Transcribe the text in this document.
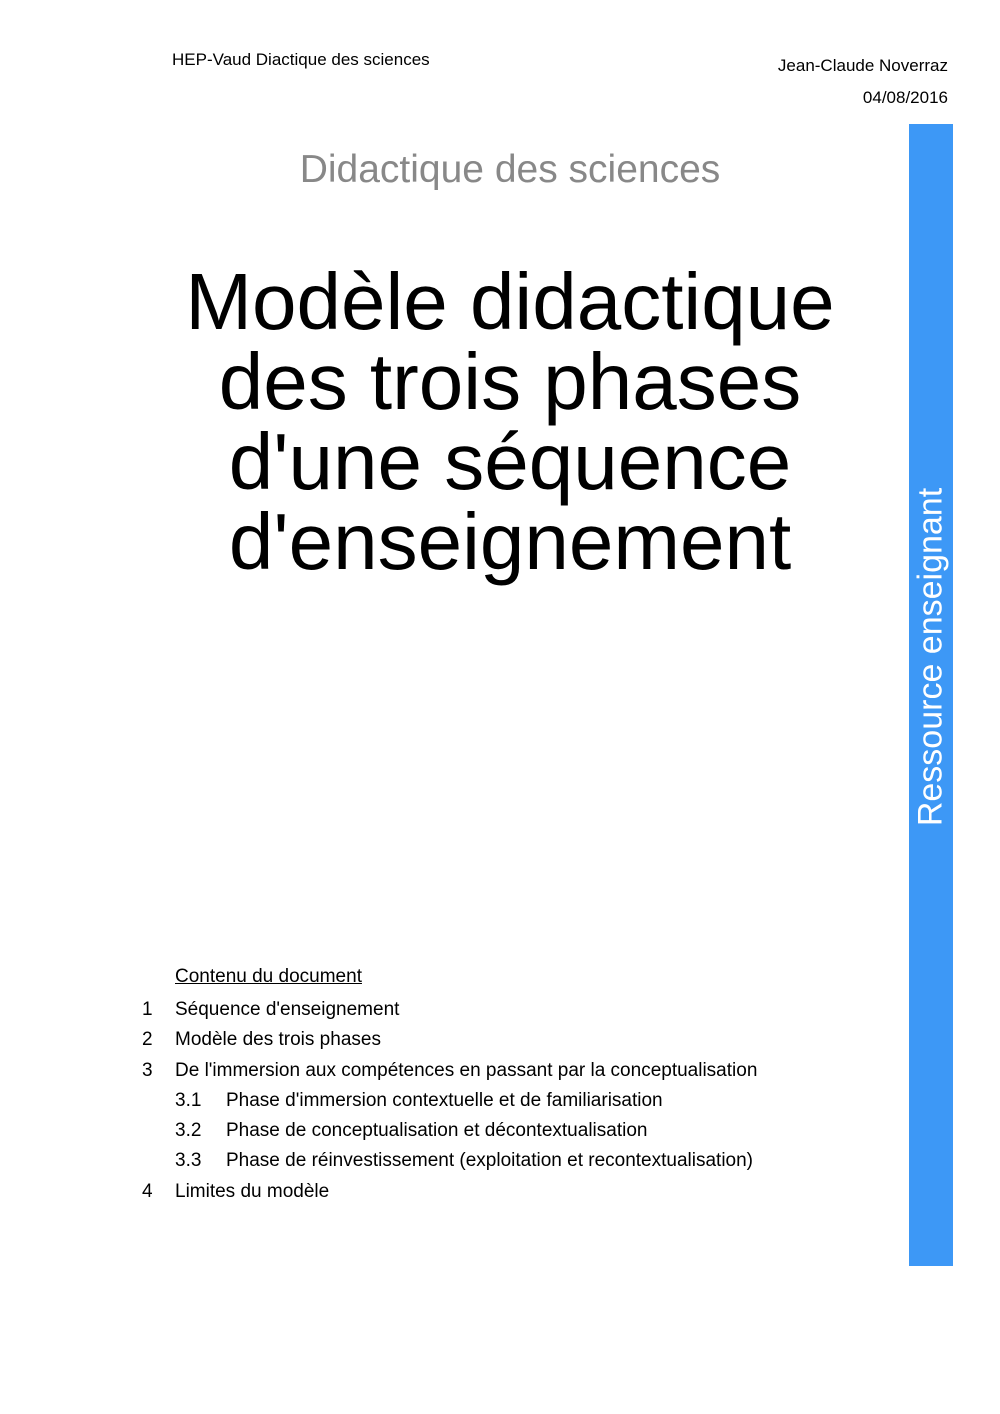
HEP-Vaud Diactique des sciences	Jean-Claude Noverraz
04/08/2016
Didactique des sciences
Modèle didactique
des trois phases
d'une séquence
d'enseignement	Ressource enseignant
Contenu du document
1	Séquence d'enseignement
2	Modèle des trois phases
3	De l'immersion aux compétences en passant par la conceptualisation
3.1	Phase d'immersion contextuelle et de familiarisation
3.2	Phase de conceptualisation et décontextualisation
3.3	Phase de réinvestissement (exploitation et recontextualisation)
4	Limites du modèle
